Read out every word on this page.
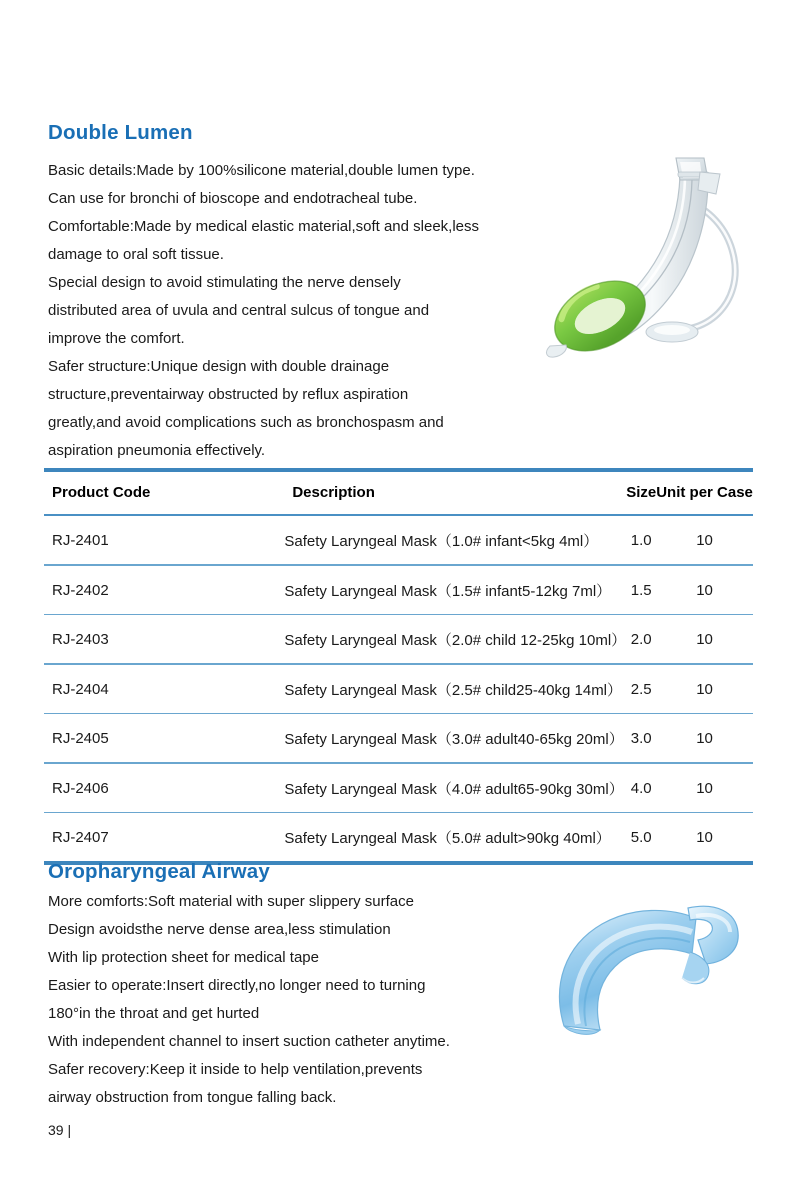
Double Lumen
Basic details:Made by 100%silicone material,double lumen type.
Can use for bronchi of bioscope and endotracheal tube.
Comfortable:Made by medical elastic material,soft and sleek,less
damage to oral soft tissue.
Special design to avoid stimulating the nerve densely
distributed area of uvula and central sulcus of tongue and
improve the comfort.
Safer structure:Unique design with double drainage
structure,preventairway obstructed by reflux aspiration
greatly,and avoid complications such as bronchospasm and
aspiration pneumonia effectively.

Product Code	Description	Size	Unit per Case

RJ-2401	Safety Laryngeal Mask（1.0# infant<5kg 4ml）	1.0	10

RJ-2402	Safety Laryngeal Mask（1.5# infant5-12kg 7ml）	1.5	10

RJ-2403	Safety Laryngeal Mask（2.0# child 12-25kg 10ml）	2.0	10

RJ-2404	Safety Laryngeal Mask（2.5# child25-40kg 14ml）	2.5	10

RJ-2405	Safety Laryngeal Mask（3.0# adult40-65kg 20ml）	3.0	10

RJ-2406	Safety Laryngeal Mask（4.0# adult65-90kg 30ml）	4.0	10

RJ-2407	Safety Laryngeal Mask（5.0# adult>90kg 40ml）	5.0	10

Oropharyngeal Airway
More comforts:Soft material with super slippery surface
Design avoidsthe nerve dense area,less stimulation
With lip protection sheet for medical tape
Easier to operate:Insert directly,no longer need to turning
180°in the throat and get hurted
With independent channel to insert suction catheter anytime.
Safer recovery:Keep it inside to help ventilation,prevents
airway obstruction from tongue falling back.
39 |
